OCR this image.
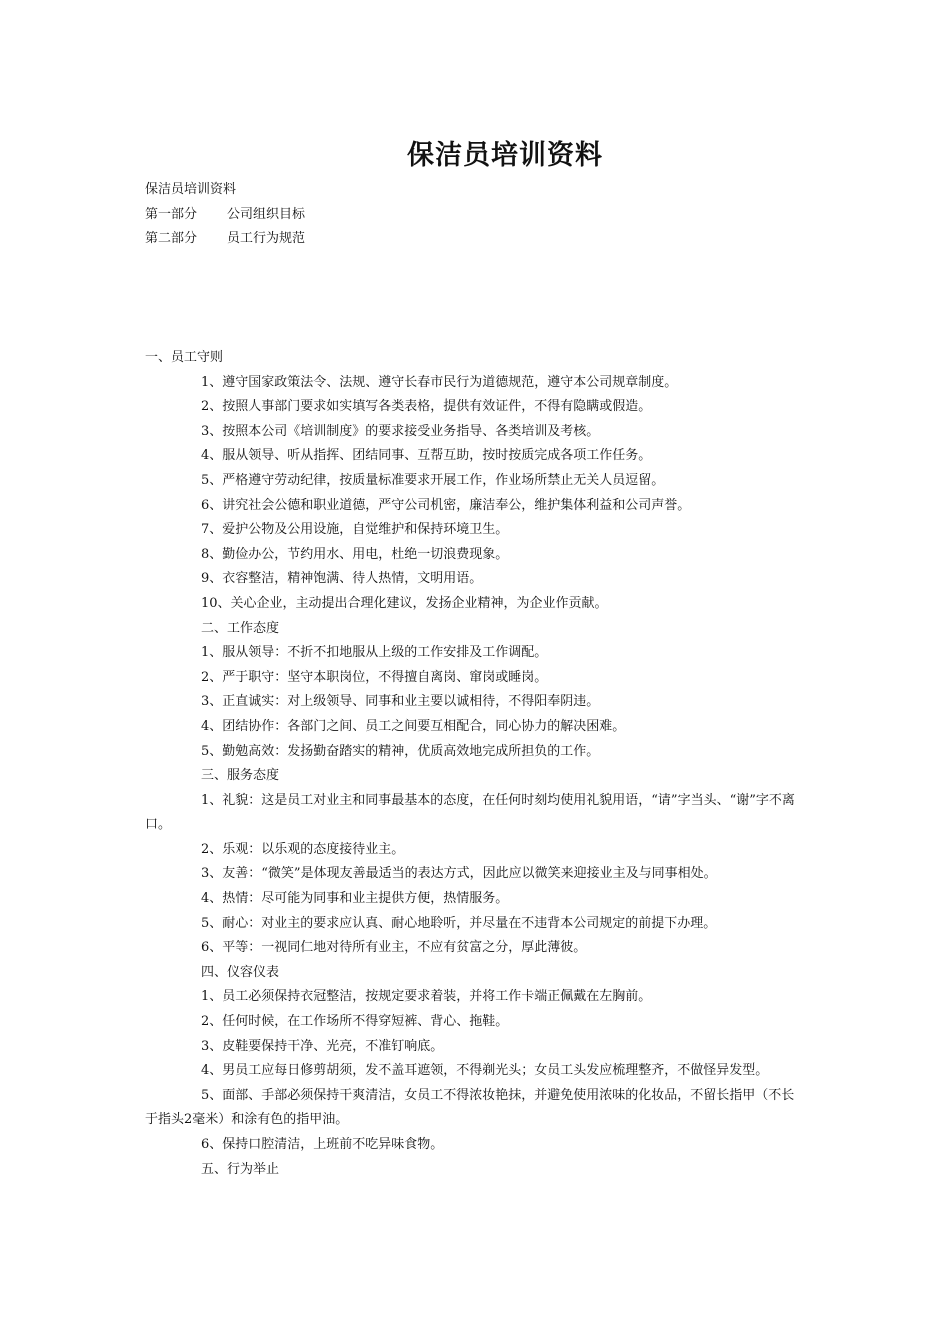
保洁员培训资料
保洁员培训资料
第一部分 公司组织目标
第二部分 员工行为规范
一、员工守则
1、遵守国家政策法令、法规、遵守长春市民行为道德规范，遵守本公司规章制度。
2、按照人事部门要求如实填写各类表格，提供有效证件，不得有隐瞒或假造。
3、按照本公司《培训制度》的要求接受业务指导、各类培训及考核。
4、服从领导、听从指挥、团结同事、互帮互助，按时按质完成各项工作任务。
5、严格遵守劳动纪律，按质量标准要求开展工作，作业场所禁止无关人员逗留。
6、讲究社会公德和职业道德，严守公司机密，廉洁奉公，维护集体利益和公司声誉。
7、爱护公物及公用设施，自觉维护和保持环境卫生。
8、勤俭办公，节约用水、用电，杜绝一切浪费现象。
9、衣容整洁，精神饱满、待人热情，文明用语。
10、关心企业，主动提出合理化建议，发扬企业精神，为企业作贡献。
二、工作态度
1、服从领导：不折不扣地服从上级的工作安排及工作调配。
2、严于职守：坚守本职岗位，不得擅自离岗、窜岗或睡岗。
3、正直诚实：对上级领导、同事和业主要以诚相待，不得阳奉阴违。
4、团结协作：各部门之间、员工之间要互相配合，同心协力的解决困难。
5、勤勉高效：发扬勤奋踏实的精神，优质高效地完成所担负的工作。
三、服务态度
1、礼貌：这是员工对业主和同事最基本的态度，在任何时刻均使用礼貌用语，“请”字当头、“谢”字不离口。
2、乐观：以乐观的态度接待业主。
3、友善：“微笑”是体现友善最适当的表达方式，因此应以微笑来迎接业主及与同事相处。
4、热情：尽可能为同事和业主提供方便，热情服务。
5、耐心：对业主的要求应认真、耐心地聆听，并尽量在不违背本公司规定的前提下办理。
6、平等：一视同仁地对待所有业主，不应有贫富之分，厚此薄彼。
四、仪容仪表
1、员工必须保持衣冠整洁，按规定要求着装，并将工作卡端正佩戴在左胸前。
2、任何时候，在工作场所不得穿短裤、背心、拖鞋。
3、皮鞋要保持干净、光亮，不准钉响底。
4、男员工应每日修剪胡须，发不盖耳遮领，不得剃光头；女员工头发应梳理整齐，不做怪异发型。
5、面部、手部必须保持干爽清洁，女员工不得浓妆艳抹，并避免使用浓味的化妆品，不留长指甲（不长于指头2毫米）和涂有色的指甲油。
6、保持口腔清洁，上班前不吃异味食物。
五、行为举止
